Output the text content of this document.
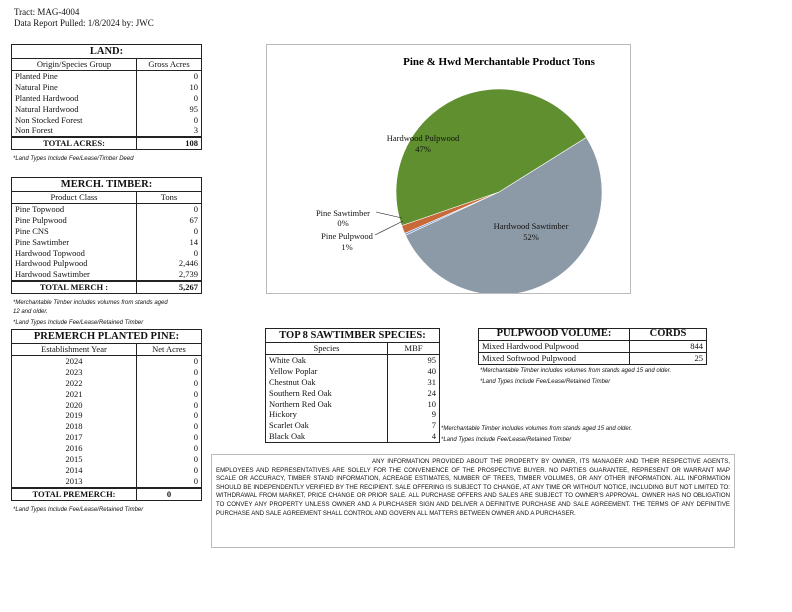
Tract: MAG-4004
Data Report Pulled: 1/8/2024 by: JWC
LAND:
Origin/Species Group	Gross Acres
Planted Pine	0
Natural Pine	10
Planted Hardwood	0
Natural Hardwood	95
Non Stocked Forest	0
Non Forest	3
TOTAL ACRES:	108
*Land Types Include Fee/Lease/Timber Deed
MERCH. TIMBER:
Product Class	Tons
Pine Topwood	0
Pine Pulpwood	67
Pine CNS	0
Pine Sawtimber	14
Hardwood Topwood	0
Hardwood Pulpwood	2,446
Hardwood Sawtimber	2,739
TOTAL MERCH :	5,267
*Merchantable Timber includes volumes from stands aged
12 and older.
*Land Types Include Fee/Lease/Retained Timber
PREMERCH PLANTED PINE:
Establishment Year	Net Acres
2024	0
2023	0
2022	0
2021	0
2020	0
2019	0
2018	0
2017	0
2016	0
2015	0
2014	0
2013	0
TOTAL PREMERCH:	0
*Land Types Include Fee/Lease/Retained Timber
Pine & Hwd Merchantable Product Tons
Hardwood Pulpwood
47%
Hardwood Sawtimber
52%
Pine Sawtimber
0%
Pine Pulpwood
1%
TOP 8 SAWTIMBER SPECIES:
Species	MBF
White Oak	95
Yellow Poplar	40
Chestnut Oak	31
Southern Red Oak	24
Northern Red Oak	10
Hickory	9
Scarlet Oak	7
Black Oak	4
*Merchantable Timber includes volumes from stands aged 15 and older.
*Land Types Include Fee/Lease/Retained Timber
PULPWOOD VOLUME:	CORDS
Mixed Hardwood Pulpwood	844
Mixed Softwood Pulpwood	25
*Merchantable Timber includes volumes from stands aged 15 and older.
*Land Types Include Fee/Lease/Retained Timber

ANY INFORMATION PROVIDED ABOUT THE PROPERTY BY OWNER, ITS MANAGER AND THEIR RESPECTIVE AGENTS, EMPLOYEES AND REPRESENTATIVES ARE SOLELY FOR THE CONVENIENCE OF THE PROSPECTIVE BUYER. NO PARTIES GUARANTEE, REPRESENT OR WARRANT MAP SCALE OR ACCURACY, TIMBER STAND INFORMATION, ACREAGE ESTIMATES, NUMBER OF TREES, TIMBER VOLUMES, OR ANY OTHER INFORMATION. ALL INFORMATION SHOULD BE INDEPENDENTLY VERIFIED BY THE RECIPIENT. SALE OFFERING IS SUBJECT TO CHANGE, AT ANY TIME OR WITHOUT NOTICE, INCLUDING BUT NOT LIMITED TO: WITHDRAWAL FROM MARKET, PRICE CHANGE OR PRIOR SALE. ALL PURCHASE OFFERS AND SALES ARE SUBJECT TO OWNER'S APPROVAL. OWNER HAS NO OBLIGATION TO CONVEY ANY PROPERTY UNLESS OWNER AND A PURCHASER SIGN AND DELIVER A DEFINITIVE PURCHASE AND SALE AGREEMENT. THE TERMS OF ANY DEFINITIVE PURCHASE AND SALE AGREEMENT SHALL CONTROL AND GOVERN ALL MATTERS BETWEEN OWNER AND A PURCHASER.
